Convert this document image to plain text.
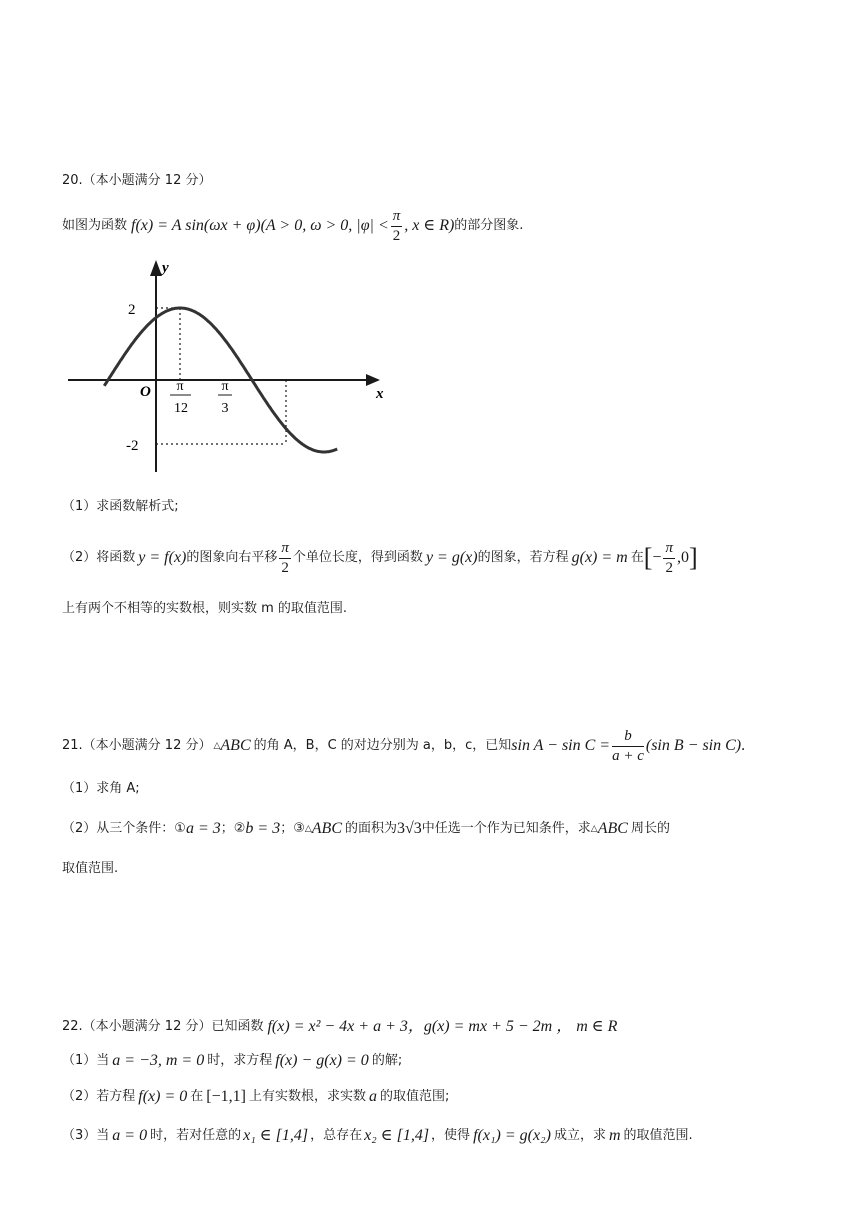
20.（本小题满分 12 分）
如图为函数 f(x) = A sin(ωx + φ)(A > 0, ω > 0, $|\varphi| < \frac{\pi}{2}$ , x ∈ R) 的部分图象.
y
x
O
2
-2
π
12
π
3
（1）求函数解析式;
（2）将函数 y = f(x) 的图象向右平移 $\frac{\pi}{2}$ 个单位长度，得到函数 y = g(x) 的图象，若方程 g(x) = m 在 [ − $\frac{\pi}{2} ,0$ ]
上有两个不相等的实数根，则实数 m 的取值范围.
21.（本小题满分 12 分） △ ABC 的角 A，B，C 的对边分别为 a，b，c，已知 $\sin A - \sin C = \frac{b}{a + c} (\sin$ B − sin C) .
（1）求角 A;
（2）从三个条件：① a = 3 ；② b = 3 ；③ △ ABC 的面积为 3√3 中任选一个作为已知条件，求 △ ABC 周长的
取值范围.
22.（本小题满分 12 分）已知函数 f(x) = x² − 4x + a + 3，g(x) = mx + 5 − 2m ， m ∈ R
（1）当 a = −3, m = 0 时，求方程 f(x) − g(x) = 0 的解;
（2）若方程 f(x) = 0 在 [−1,1] 上有实数根，求实数 a 的取值范围;
（3）当 a = 0 时，若对任意的 x₁ ∈ [1,4] ，总存在 x₂ ∈ [1,4] ，使得 f(x₁) = g(x₂) 成立，求 m 的取值范围.
